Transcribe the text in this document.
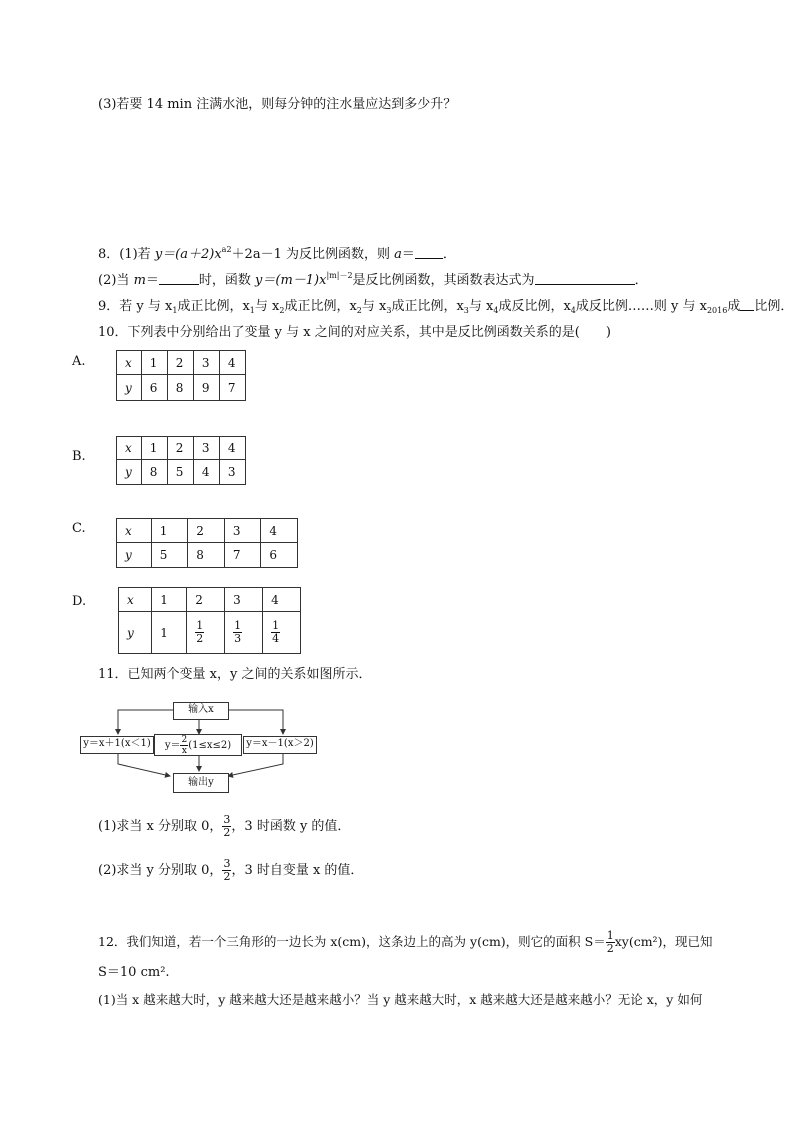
(3)若要 14 min 注满水池，则每分钟的注水量应达到多少升？
8．(1)若 $y=(a+2)x^{a2}+2a-1$ 为反比例函数，则 a＝ ．
(2)当 m＝	时，函数 $y=(m-1)x^{|m|-2}$是反比例函数，其函数表达式为	．
9．若 y 与 $x_1$成正比例，$x_1$与 $x_2$成正比例，$x_2$与 $x_3$成正比例，$x_3$与 $x_4$成反比例，$x_4$成反比例……则 y 与 $x_{2016}$成 比例．
10．下列表中分别给出了变量 y 与 x 之间的对应关系，其中是反比例函数关系的是(　　)
A.	x	1	2	3	4
y	6	8	9	7
B.
x	1	2	3	4
y	8	5	4	3
C.	x	1	2	3	4
y	5	8	7	6
D.	x	1	2	3	4
y	1	$\frac{1}{2}$	$\frac{1}{3}$	$\frac{1}{4}$
11．已知两个变量 x，y 之间的关系如图所示．
输入x
y＝x＋1(x＜1)	$y= \frac{2}{x} (1\le x\le 2)$	y＝x－1(x＞2)
输出y
(1)求当 x 分别取 0， $\frac{3}{2}$ ，3 时函数 y 的值．
(2)求当 y 分别取 0， $\frac{3}{2}$ ，3 时自变量 x 的值．
12．我们知道，若一个三角形的一边长为 x(cm)，这条边上的高为 y(cm)，则它的面积 $S= \frac{1}{2} xy(cm^2)$，现已知
S＝10 cm².
(1)当 x 越来越大时，y 越来越大还是越来越小？当 y 越来越大时，x 越来越大还是越来越小？无论 x，y 如何
